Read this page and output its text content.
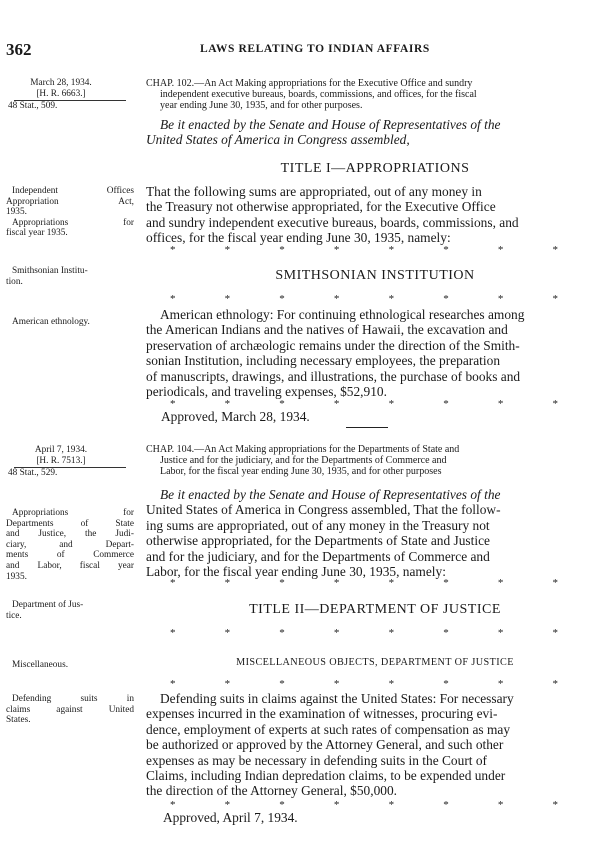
362	LAWS RELATING TO INDIAN AFFAIRS
March 28, 1934.
[H. R. 6663.]
48 Stat., 509.
Independent Offices
Appropriation Act,
1935.
Appropriations for
fiscal year 1935.
Smithsonian Institu-
tion.
American ethnology.
April 7, 1934.
[H. R. 7513.]
48 Stat., 529.
Appropriations for
Departments of State
and Justice, the Judi-
ciary, and Depart-
ments of Commerce
and Labor, fiscal year
1935.
Department of Jus-
tice.
Miscellaneous.
Defending suits in
claims against United
States.
CHAP. 102.—An Act Making appropriations for the Executive Office and sundry
independent executive bureaus, boards, commissions, and offices, for the fiscal
year ending June 30, 1935, and for other purposes.
Be it enacted by the Senate and House of Representatives of the
United States of America in Congress assembled,
TITLE I—APPROPRIATIONS
That the following sums are appropriated, out of any money in
the Treasury not otherwise appropriated, for the Executive Office
and sundry independent executive bureaus, boards, commissions, and
offices, for the fiscal year ending June 30, 1935, namely:
*	*	*	*	*	*	*	*
SMITHSONIAN INSTITUTION
*	*	*	*	*	*	*	*
American ethnology: For continuing ethnological researches among
the American Indians and the natives of Hawaii, the excavation and
preservation of archæologic remains under the direction of the Smith-
sonian Institution, including necessary employees, the preparation
of manuscripts, drawings, and illustrations, the purchase of books and
periodicals, and traveling expenses, $52,910.
*	*	*	*	*	*	*	*
Approved, March 28, 1934.
CHAP. 104.—An Act Making appropriations for the Departments of State and
Justice and for the judiciary, and for the Departments of Commerce and
Labor, for the fiscal year ending June 30, 1935, and for other purposes
Be it enacted by the Senate and House of Representatives of the
United States of America in Congress assembled, That the follow-
ing sums are appropriated, out of any money in the Treasury not
otherwise appropriated, for the Departments of State and Justice
and for the judiciary, and for the Departments of Commerce and
Labor, for the fiscal year ending June 30, 1935, namely:
*	*	*	*	*	*	*	*
TITLE II—DEPARTMENT OF JUSTICE
*	*	*	*	*	*	*	*
MISCELLANEOUS OBJECTS, DEPARTMENT OF JUSTICE
*	*	*	*	*	*	*	*
Defending suits in claims against the United States: For necessary
expenses incurred in the examination of witnesses, procuring evi-
dence, employment of experts at such rates of compensation as may
be authorized or approved by the Attorney General, and such other
expenses as may be necessary in defending suits in the Court of
Claims, including Indian depredation claims, to be expended under
the direction of the Attorney General, $50,000.
*	*	*	*	*	*	*	*
Approved, April 7, 1934.
